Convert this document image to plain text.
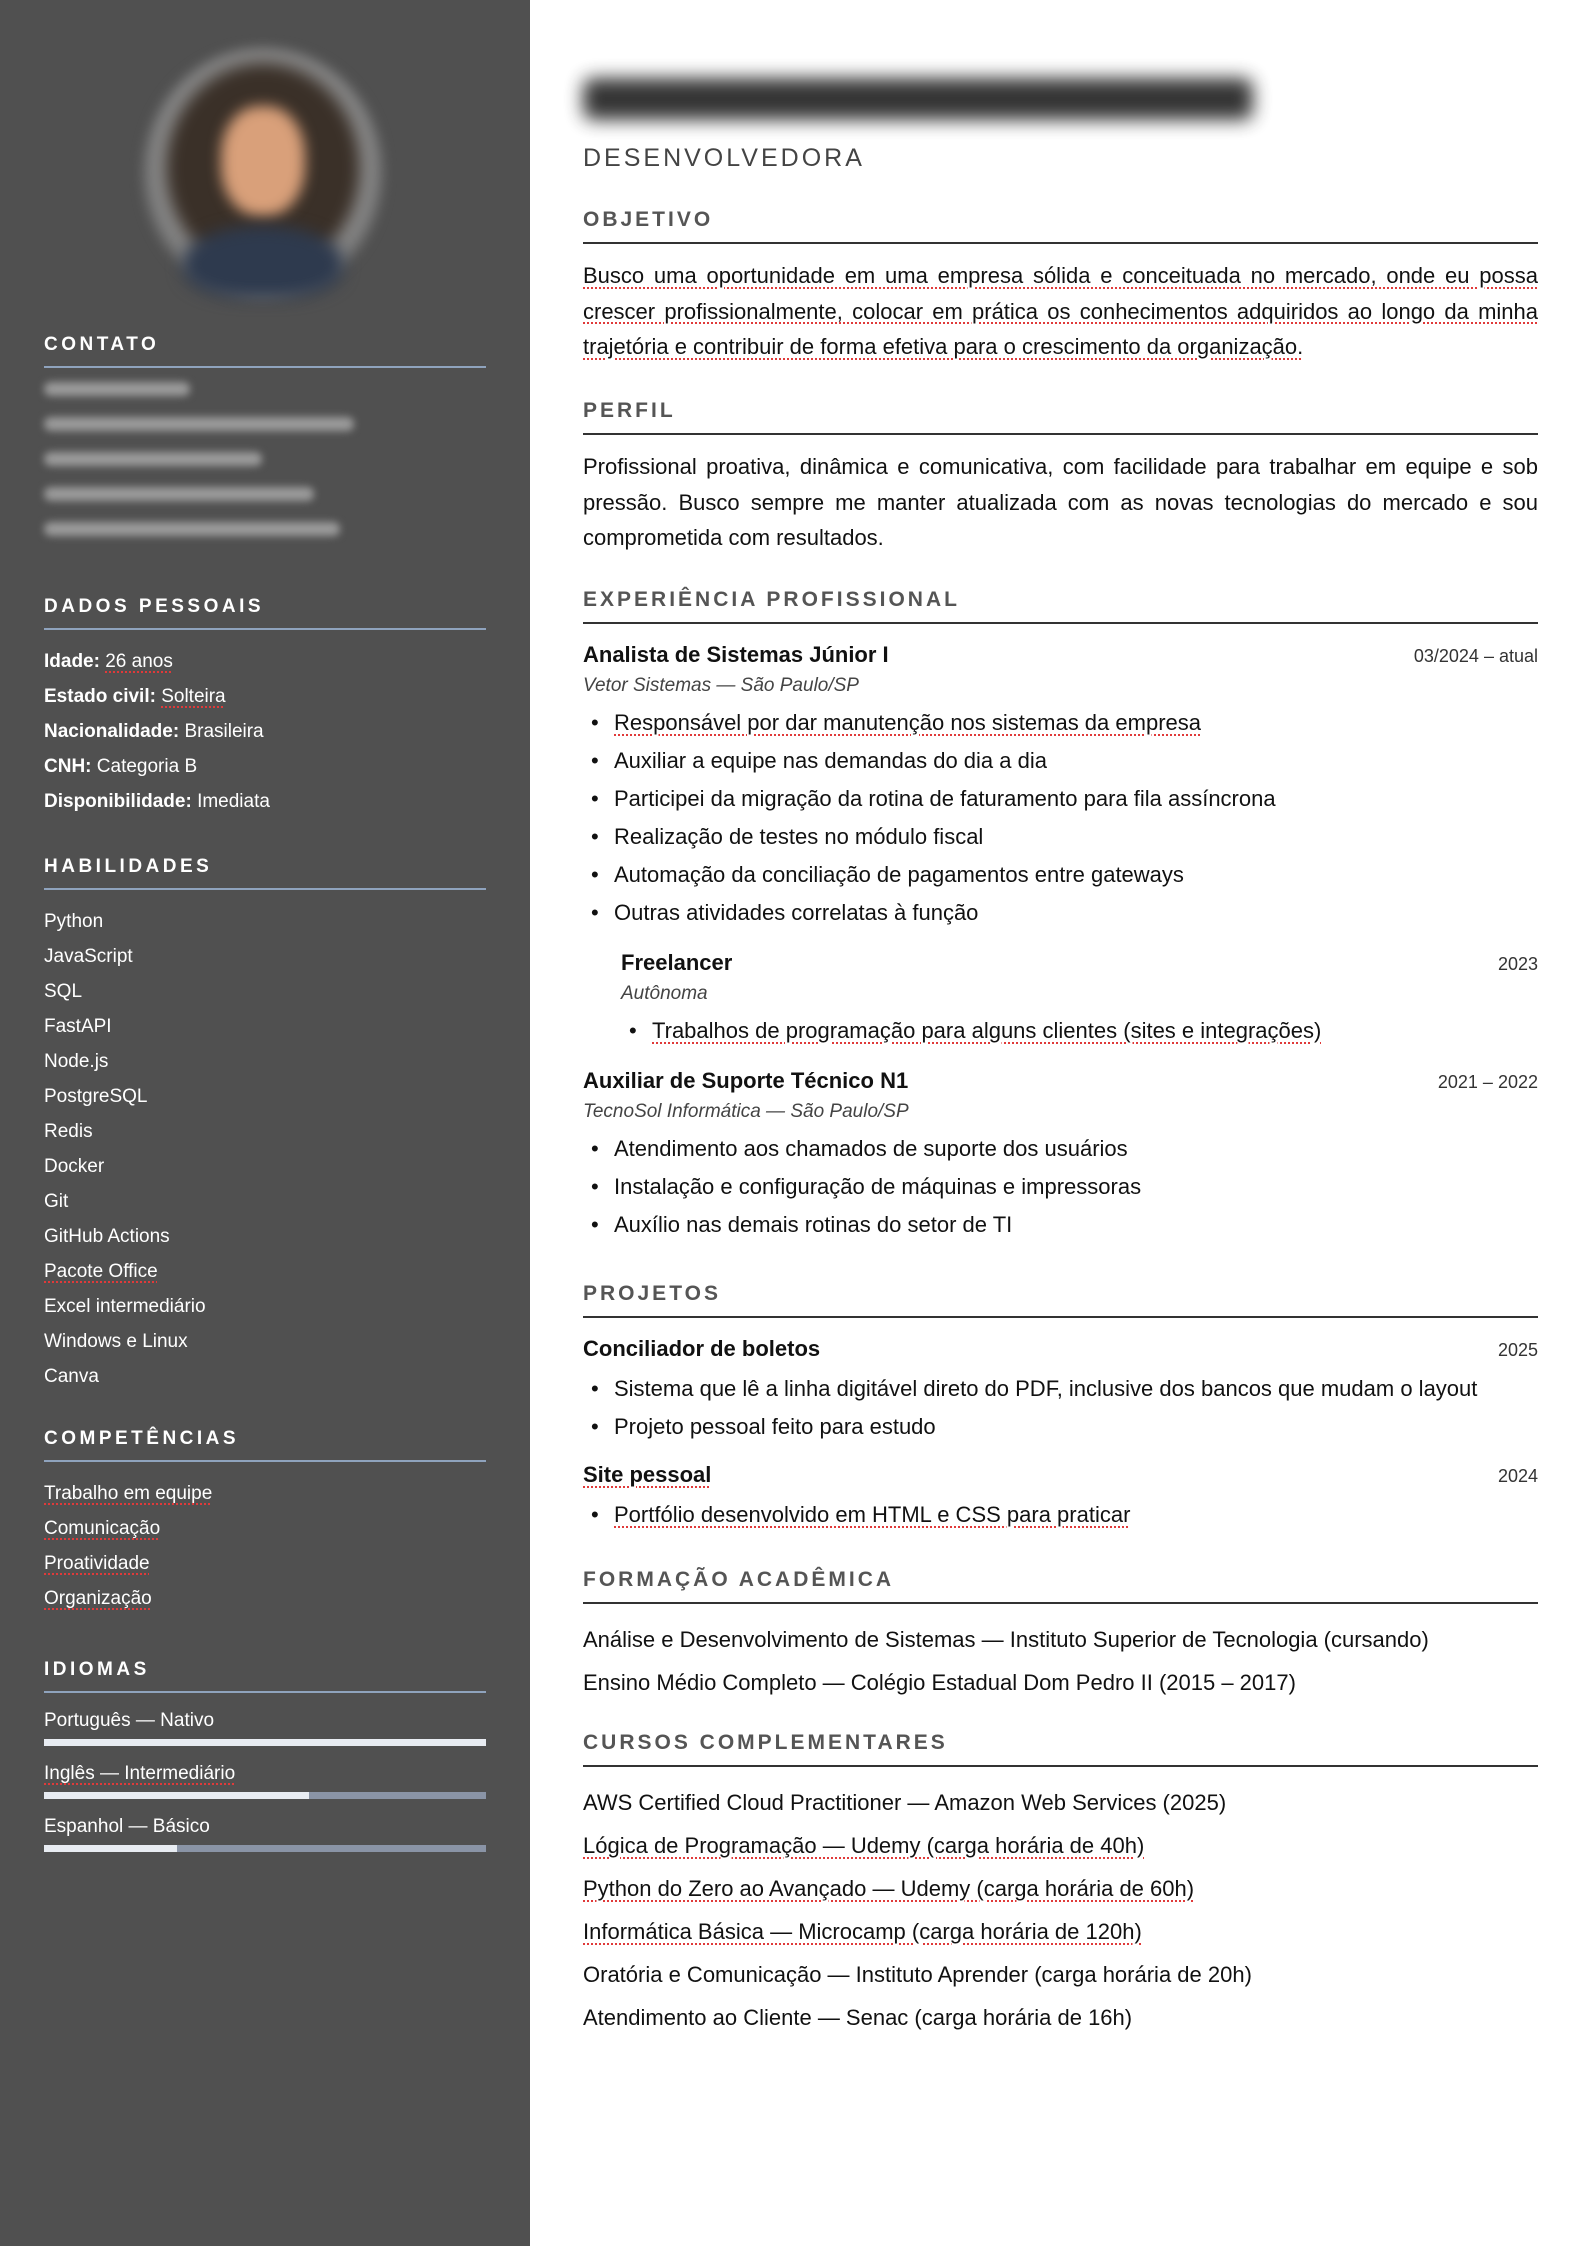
CONTATO
DADOS PESSOAIS
Idade: 26 anos
Estado civil: Solteira
Nacionalidade: Brasileira
CNH: Categoria B
Disponibilidade: Imediata
HABILIDADES
Python
JavaScript
SQL
FastAPI
Node.js
PostgreSQL
Redis
Docker
Git
GitHub Actions
Pacote Office
Excel intermediário
Windows e Linux
Canva
COMPETÊNCIAS
Trabalho em equipe
Comunicação
Proatividade
Organização
IDIOMAS
Português — Nativo
Inglês — Intermediário
Espanhol — Básico
DESENVOLVEDORA
OBJETIVO

Busco uma oportunidade em uma empresa sólida e conceituada no mercado, onde eu possa crescer profissionalmente, colocar em prática os conhecimentos adquiridos ao longo da minha trajetória e contribuir de forma efetiva para o crescimento da organização.

PERFIL

Profissional proativa, dinâmica e comunicativa, com facilidade para trabalhar em equipe e sob pressão. Busco sempre me manter atualizada com as novas tecnologias do mercado e sou comprometida com resultados.

EXPERIÊNCIA PROFISSIONAL
Analista de Sistemas Júnior I	03/2024 – atual
Vetor Sistemas — São Paulo/SP
• Responsável por dar manutenção nos sistemas da empresa
• Auxiliar a equipe nas demandas do dia a dia
• Participei da migração da rotina de faturamento para fila assíncrona
• Realização de testes no módulo fiscal
• Automação da conciliação de pagamentos entre gateways
• Outras atividades correlatas à função
Freelancer	2023
Autônoma
• Trabalhos de programação para alguns clientes (sites e integrações)
Auxiliar de Suporte Técnico N1	2021 – 2022
TecnoSol Informática — São Paulo/SP
• Atendimento aos chamados de suporte dos usuários
• Instalação e configuração de máquinas e impressoras
• Auxílio nas demais rotinas do setor de TI
PROJETOS
Conciliador de boletos	2025
• Sistema que lê a linha digitável direto do PDF, inclusive dos bancos que mudam o layout
• Projeto pessoal feito para estudo
Site pessoal	2024
• Portfólio desenvolvido em HTML e CSS para praticar
FORMAÇÃO ACADÊMICA
Análise e Desenvolvimento de Sistemas — Instituto Superior de Tecnologia (cursando)
Ensino Médio Completo — Colégio Estadual Dom Pedro II (2015 – 2017)
CURSOS COMPLEMENTARES
AWS Certified Cloud Practitioner — Amazon Web Services (2025)
Lógica de Programação — Udemy (carga horária de 40h)
Python do Zero ao Avançado — Udemy (carga horária de 60h)
Informática Básica — Microcamp (carga horária de 120h)
Oratória e Comunicação — Instituto Aprender (carga horária de 20h)
Atendimento ao Cliente — Senac (carga horária de 16h)
